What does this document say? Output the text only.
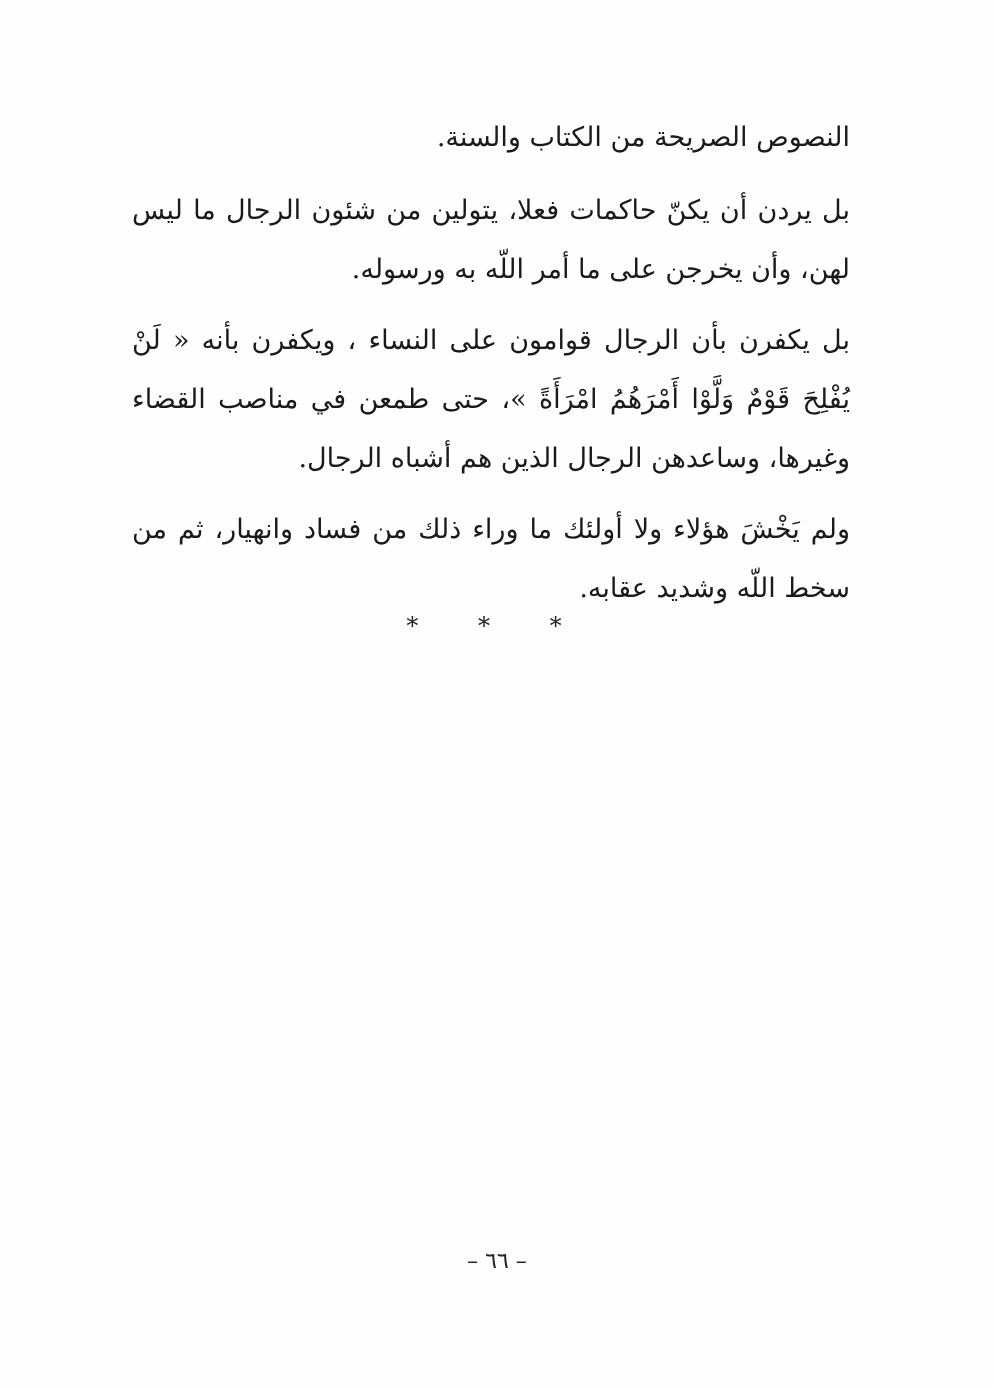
النصوص الصريحة من الكتاب والسنة.

بل يردن أن يكنّ حاكمات فعلا، يتولين من شئون الرجال ما ليس لهن، وأن يخرجن على ما أمر اللّه به ورسوله.

بل يكفرن بأن الرجال قوامون على النساء ، ويكفرن بأنه « لَنْ يُفْلِحَ قَوْمٌ وَلَّوْا أَمْرَهُمُ امْرَأَةً »، حتى طمعن في مناصب القضاء وغيرها، وساعدهن الرجال الذين هم أشباه الرجال.

ولم يَخْشَ هؤلاء ولا أولئك ما وراء ذلك من فساد وانهيار، ثم من سخط اللّه وشديد عقابه.

* * *
– ٦٦ –
